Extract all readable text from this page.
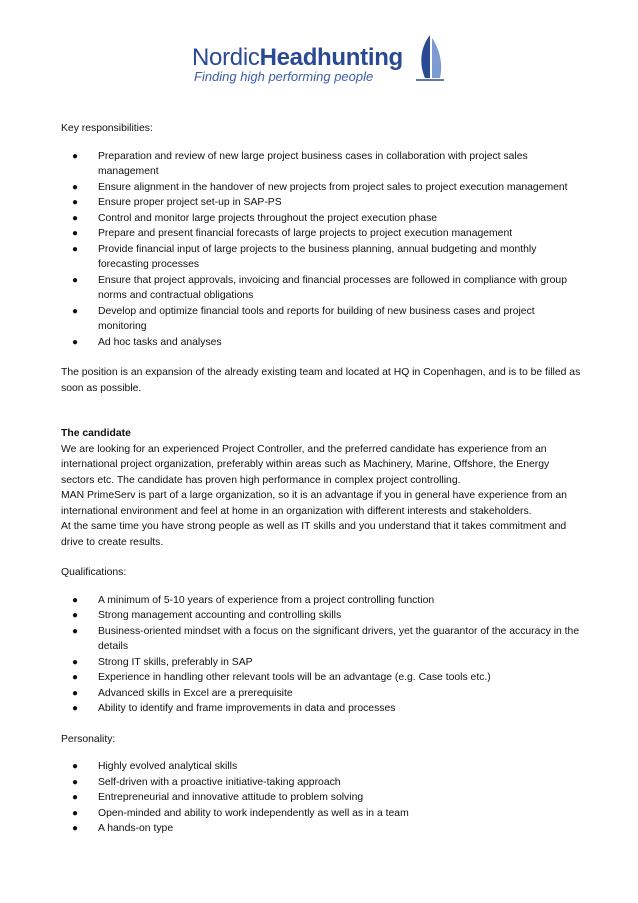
NordicHeadhunting
Finding high performing people

Key responsibilities:

● Preparation and review of new large project business cases in collaboration with project sales management
● Ensure alignment in the handover of new projects from project sales to project execution management
● Ensure proper project set-up in SAP-PS
● Control and monitor large projects throughout the project execution phase
● Prepare and present financial forecasts of large projects to project execution management
● Provide financial input of large projects to the business planning, annual budgeting and monthly forecasting processes
● Ensure that project approvals, invoicing and financial processes are followed in compliance with group norms and contractual obligations
● Develop and optimize financial tools and reports for building of new business cases and project monitoring
● Ad hoc tasks and analyses

The position is an expansion of the already existing team and located at HQ in Copenhagen, and is to be filled as soon as possible.

The candidate

We are looking for an experienced Project Controller, and the preferred candidate has experience from an international project organization, preferably within areas such as Machinery, Marine, Offshore, the Energy sectors etc. The candidate has proven high performance in complex project controlling.

MAN PrimeServ is part of a large organization, so it is an advantage if you in general have experience from an international environment and feel at home in an organization with different interests and stakeholders.

At the same time you have strong people as well as IT skills and you understand that it takes commitment and drive to create results.

Qualifications:

● A minimum of 5-10 years of experience from a project controlling function
● Strong management accounting and controlling skills
● Business-oriented mindset with a focus on the significant drivers, yet the guarantor of the accuracy in the details
● Strong IT skills, preferably in SAP
● Experience in handling other relevant tools will be an advantage (e.g. Case tools etc.)
● Advanced skills in Excel are a prerequisite
● Ability to identify and frame improvements in data and processes

Personality:

● Highly evolved analytical skills
● Self-driven with a proactive initiative-taking approach
● Entrepreneurial and innovative attitude to problem solving
● Open-minded and ability to work independently as well as in a team
● A hands-on type
